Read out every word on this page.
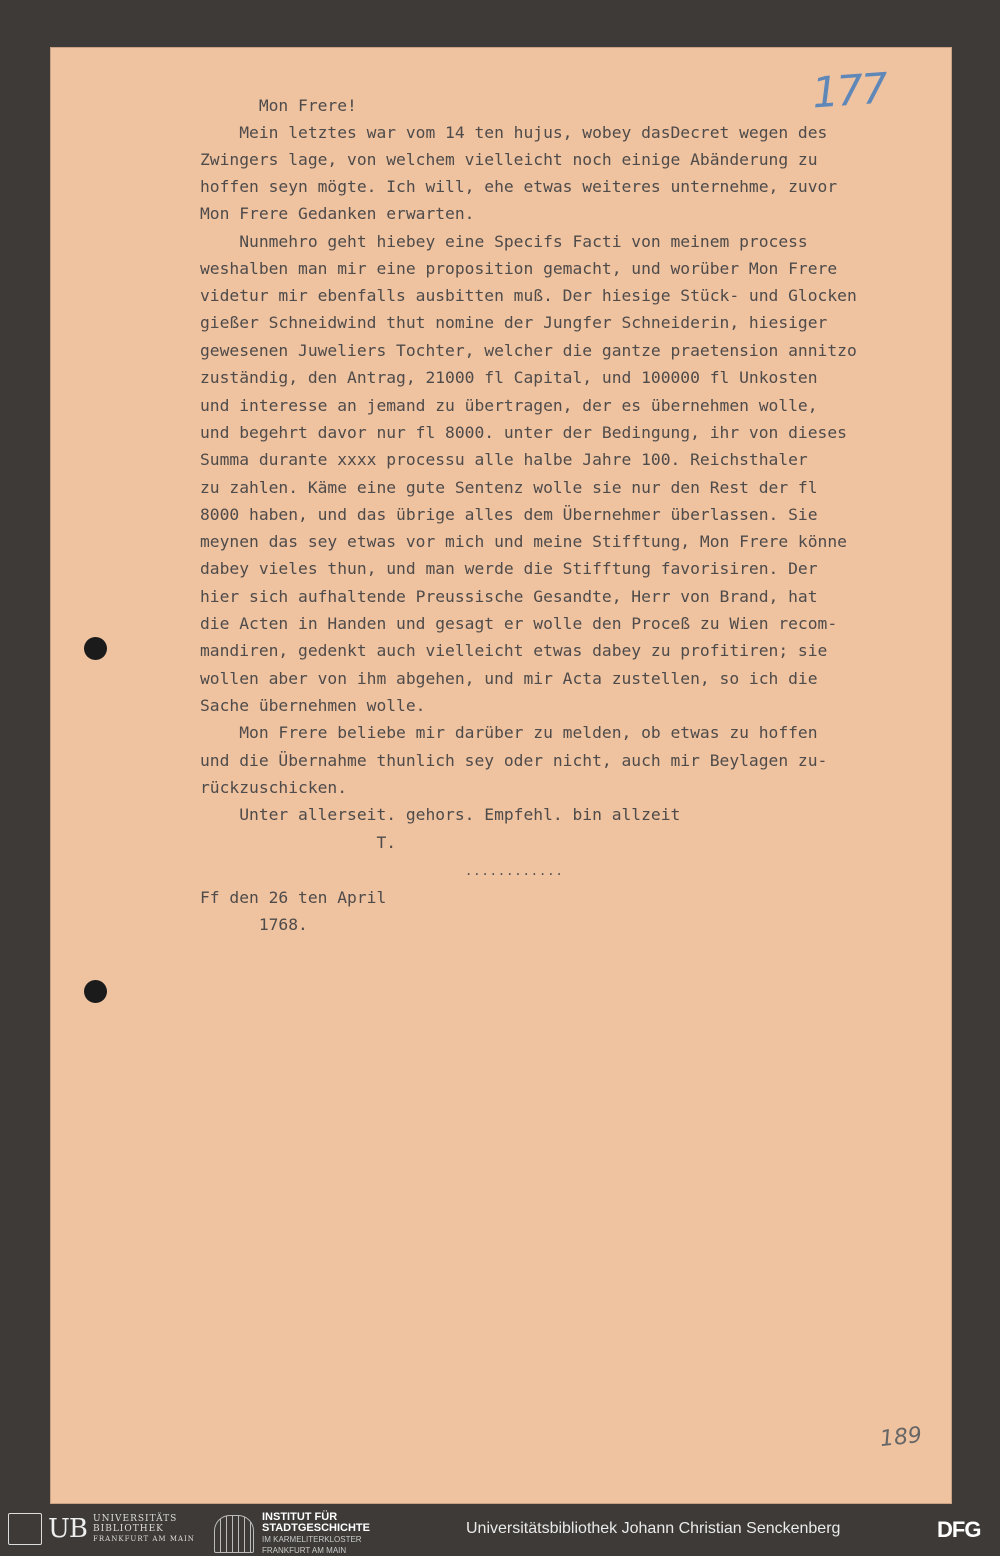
177
189
Mon Frere!
Mein letztes war vom 14 ten hujus, wobey dasDecret wegen des
Zwingers lage, von welchem vielleicht noch einige Abänderung zu
hoffen seyn mögte. Ich will, ehe etwas weiteres unternehme, zuvor
Mon Frere Gedanken erwarten.
Nunmehro geht hiebey eine Specifs Facti von meinem process
weshalben man mir eine proposition gemacht, und worüber Mon Frere
videtur mir ebenfalls ausbitten muß. Der hiesige Stück- und Glocken
gießer Schneidwind thut nomine der Jungfer Schneiderin, hiesiger
gewesenen Juweliers Tochter, welcher die gantze praetension annitzo
zuständig, den Antrag, 21000 fl Capital, und 100000 fl Unkosten
und interesse an jemand zu übertragen, der es übernehmen wolle,
und begehrt davor nur fl 8000. unter der Bedingung, ihr von dieses
Summa durante xxxx processu alle halbe Jahre 100. Reichsthaler
zu zahlen. Käme eine gute Sentenz wolle sie nur den Rest der fl
8000 haben, und das übrige alles dem Übernehmer überlassen. Sie
meynen das sey etwas vor mich und meine Stifftung, Mon Frere könne
dabey vieles thun, und man werde die Stifftung favorisiren. Der
hier sich aufhaltende Preussische Gesandte, Herr von Brand, hat
die Acten in Handen und gesagt er wolle den Proceß zu Wien recom-
mandiren, gedenkt auch vielleicht etwas dabey zu profitiren; sie
wollen aber von ihm abgehen, und mir Acta zustellen, so ich die
Sache übernehmen wolle.
Mon Frere beliebe mir darüber zu melden, ob etwas zu hoffen
und die Übernahme thunlich sey oder nicht, auch mir Beylagen zu-
rückzuschicken.
Unter allerseit. gehors. Empfehl. bin allzeit
T.
Ff den 26 ten April
1768.
............
UB UNIVERSITÄTS
BIBLIOTHEK
FRANKFURT AM MAIN
INSTITUT FÜR
STADTGESCHICHTE
IM KARMELITERKLOSTER
FRANKFURT AM MAIN
Universitätsbibliothek Johann Christian Senckenberg	DFG
